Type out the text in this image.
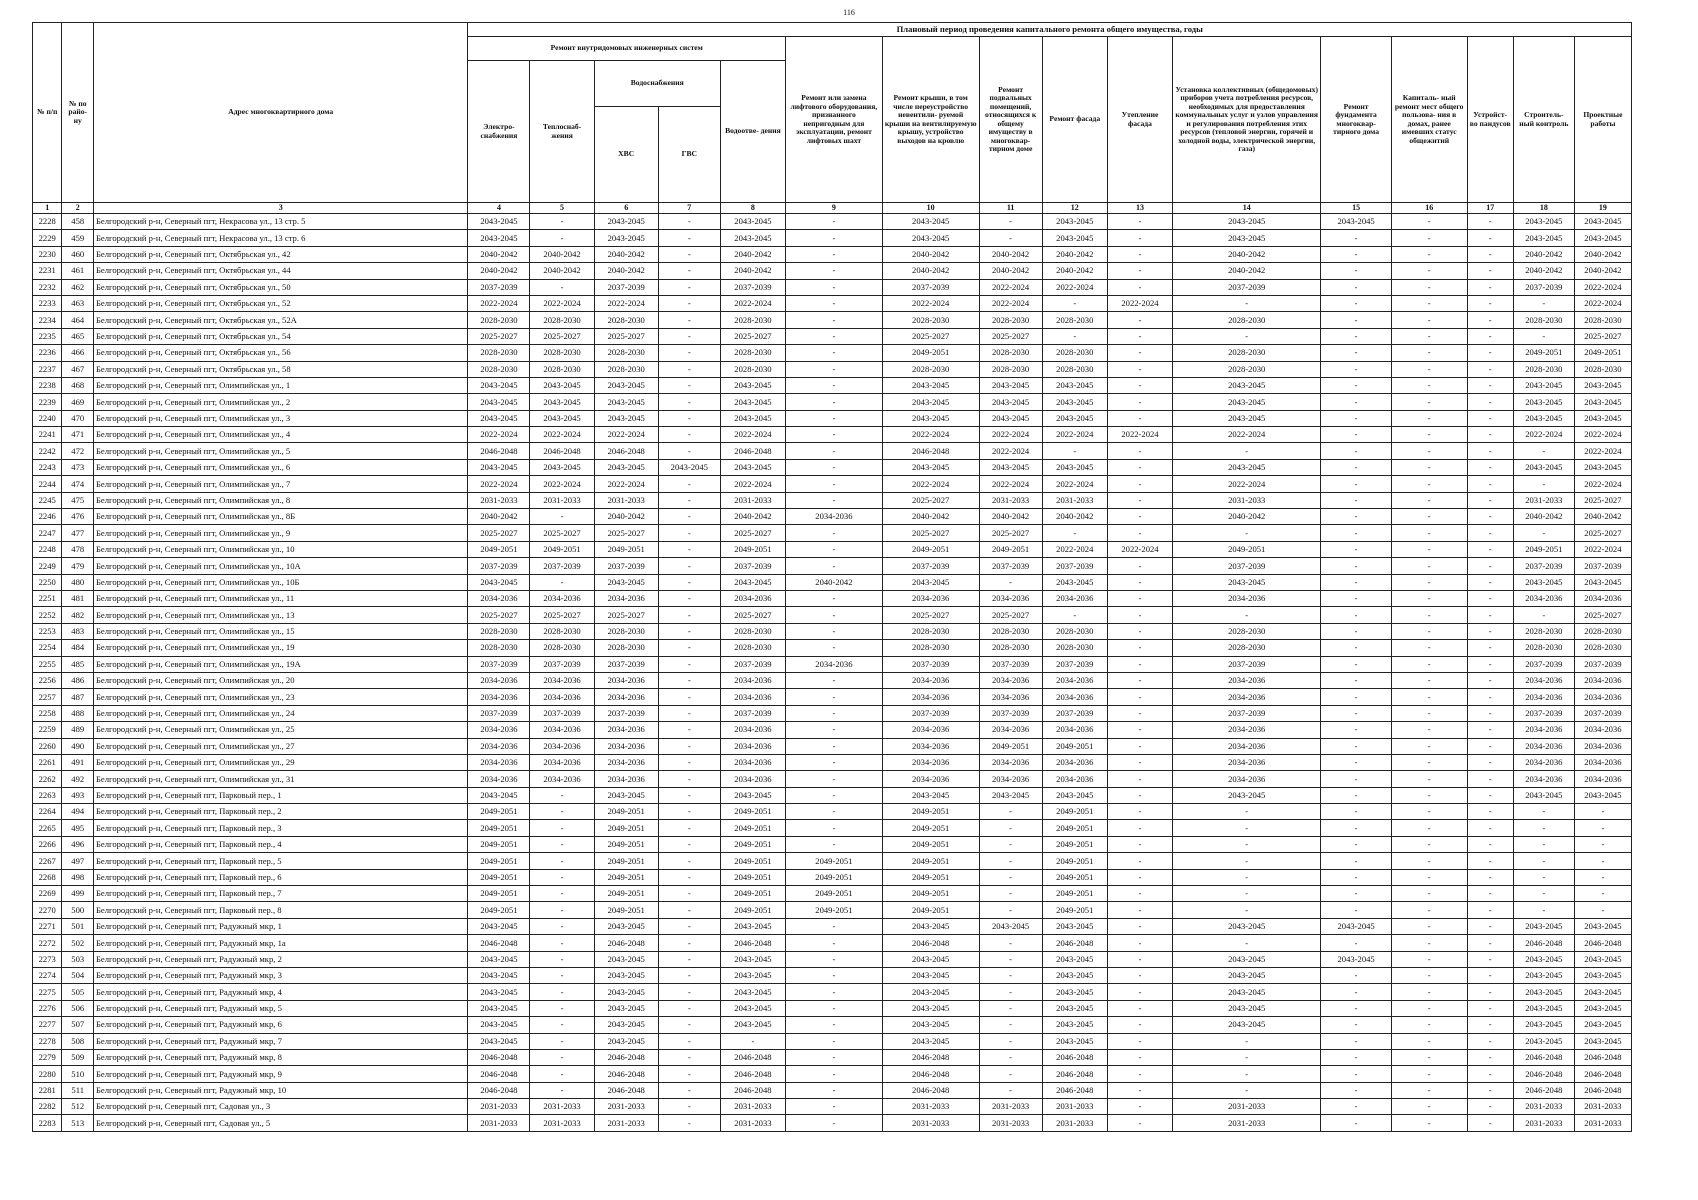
116
№ п/п	№ по райо- ну	Адрес многоквартирного дома	Плановый период проведения капитального ремонта общего имущества, годы															
			Ремонт внутридомовых инженерных систем					Ремонт или замена лифтового оборудования, признанного непригодным для эксплуатации, ремонт лифтовых шахт	Ремонт крыши, в том числе переустройство невентили- руемой крыши на вентилируемую крышу, устройство выходов на кровлю	Ремонт подвальных помещений, относящихся к общему имуществу в многоквар- тирном доме	Ремонт фасада	Утепление фасада	Установка коллективных (общедомовых) приборов учета потребления ресурсов, необходимых для предоставления коммунальных услуг и узлов управления и регулирования потребления этих ресурсов (тепловой энергии, горячей и холодной воды, электрической энергии, газа)	Ремонт фундамента многоквар- тирного дома	Капиталь- ный ремонт мест общего пользова- ния в домах, ранее имевших статус общежитий	Устройст- во пандусов	Строитель- ный контроль	Проектные работы
			Электро- снабжения	Теплоснаб- жения	Водоснабжения		Водоотве- дения											
					ХВС	ГВС												
1	2	3	4	5	6	7	8	9	10	11	12	13	14	15	16	17	18	19
2228	458	Белгородский р-н, Северный пгт, Некрасова ул., 13 стр. 5	2043-2045	-	2043-2045	-	2043-2045	-	2043-2045	-	2043-2045	-	2043-2045	2043-2045	-	-	2043-2045	2043-2045
2229	459	Белгородский р-н, Северный пгт, Некрасова ул., 13 стр. 6	2043-2045	-	2043-2045	-	2043-2045	-	2043-2045	-	2043-2045	-	2043-2045	-	-	-	2043-2045	2043-2045
2230	460	Белгородский р-н, Северный пгт, Октябрьская ул., 42	2040-2042	2040-2042	2040-2042	-	2040-2042	-	2040-2042	2040-2042	2040-2042	-	2040-2042	-	-	-	2040-2042	2040-2042
2231	461	Белгородский р-н, Северный пгт, Октябрьская ул., 44	2040-2042	2040-2042	2040-2042	-	2040-2042	-	2040-2042	2040-2042	2040-2042	-	2040-2042	-	-	-	2040-2042	2040-2042
2232	462	Белгородский р-н, Северный пгт, Октябрьская ул., 50	2037-2039	-	2037-2039	-	2037-2039	-	2037-2039	2022-2024	2022-2024	-	2037-2039	-	-	-	2037-2039	2022-2024
2233	463	Белгородский р-н, Северный пгт, Октябрьская ул., 52	2022-2024	2022-2024	2022-2024	-	2022-2024	-	2022-2024	2022-2024	-	2022-2024	-	-	-	-	-	2022-2024
2234	464	Белгородский р-н, Северный пгт, Октябрьская ул., 52А	2028-2030	2028-2030	2028-2030	-	2028-2030	-	2028-2030	2028-2030	2028-2030	-	2028-2030	-	-	-	2028-2030	2028-2030
2235	465	Белгородский р-н, Северный пгт, Октябрьская ул., 54	2025-2027	2025-2027	2025-2027	-	2025-2027	-	2025-2027	2025-2027	-	-	-	-	-	-	-	2025-2027
2236	466	Белгородский р-н, Северный пгт, Октябрьская ул., 56	2028-2030	2028-2030	2028-2030	-	2028-2030	-	2049-2051	2028-2030	2028-2030	-	2028-2030	-	-	-	2049-2051	2049-2051
2237	467	Белгородский р-н, Северный пгт, Октябрьская ул., 58	2028-2030	2028-2030	2028-2030	-	2028-2030	-	2028-2030	2028-2030	2028-2030	-	2028-2030	-	-	-	2028-2030	2028-2030
2238	468	Белгородский р-н, Северный пгт, Олимпийская ул., 1	2043-2045	2043-2045	2043-2045	-	2043-2045	-	2043-2045	2043-2045	2043-2045	-	2043-2045	-	-	-	2043-2045	2043-2045
2239	469	Белгородский р-н, Северный пгт, Олимпийская ул., 2	2043-2045	2043-2045	2043-2045	-	2043-2045	-	2043-2045	2043-2045	2043-2045	-	2043-2045	-	-	-	2043-2045	2043-2045
2240	470	Белгородский р-н, Северный пгт, Олимпийская ул., 3	2043-2045	2043-2045	2043-2045	-	2043-2045	-	2043-2045	2043-2045	2043-2045	-	2043-2045	-	-	-	2043-2045	2043-2045
2241	471	Белгородский р-н, Северный пгт, Олимпийская ул., 4	2022-2024	2022-2024	2022-2024	-	2022-2024	-	2022-2024	2022-2024	2022-2024	2022-2024	2022-2024	-	-	-	2022-2024	2022-2024
2242	472	Белгородский р-н, Северный пгт, Олимпийская ул., 5	2046-2048	2046-2048	2046-2048	-	2046-2048	-	2046-2048	2022-2024	-	-	-	-	-	-	-	2022-2024
2243	473	Белгородский р-н, Северный пгт, Олимпийская ул., 6	2043-2045	2043-2045	2043-2045	2043-2045	2043-2045	-	2043-2045	2043-2045	2043-2045	-	2043-2045	-	-	-	2043-2045	2043-2045
2244	474	Белгородский р-н, Северный пгт, Олимпийская ул., 7	2022-2024	2022-2024	2022-2024	-	2022-2024	-	2022-2024	2022-2024	2022-2024	-	2022-2024	-	-	-	-	2022-2024
2245	475	Белгородский р-н, Северный пгт, Олимпийская ул., 8	2031-2033	2031-2033	2031-2033	-	2031-2033	-	2025-2027	2031-2033	2031-2033	-	2031-2033	-	-	-	2031-2033	2025-2027
2246	476	Белгородский р-н, Северный пгт, Олимпийская ул., 8Б	2040-2042	-	2040-2042	-	2040-2042	2034-2036	2040-2042	2040-2042	2040-2042	-	2040-2042	-	-	-	2040-2042	2040-2042
2247	477	Белгородский р-н, Северный пгт, Олимпийская ул., 9	2025-2027	2025-2027	2025-2027	-	2025-2027	-	2025-2027	2025-2027	-	-	-	-	-	-	-	2025-2027
2248	478	Белгородский р-н, Северный пгт, Олимпийская ул., 10	2049-2051	2049-2051	2049-2051	-	2049-2051	-	2049-2051	2049-2051	2022-2024	2022-2024	2049-2051	-	-	-	2049-2051	2022-2024
2249	479	Белгородский р-н, Северный пгт, Олимпийская ул., 10А	2037-2039	2037-2039	2037-2039	-	2037-2039	-	2037-2039	2037-2039	2037-2039	-	2037-2039	-	-	-	2037-2039	2037-2039
2250	480	Белгородский р-н, Северный пгт, Олимпийская ул., 10Б	2043-2045	-	2043-2045	-	2043-2045	2040-2042	2043-2045	-	2043-2045	-	2043-2045	-	-	-	2043-2045	2043-2045
2251	481	Белгородский р-н, Северный пгт, Олимпийская ул., 11	2034-2036	2034-2036	2034-2036	-	2034-2036	-	2034-2036	2034-2036	2034-2036	-	2034-2036	-	-	-	2034-2036	2034-2036
2252	482	Белгородский р-н, Северный пгт, Олимпийская ул., 13	2025-2027	2025-2027	2025-2027	-	2025-2027	-	2025-2027	2025-2027	-	-	-	-	-	-	-	2025-2027
2253	483	Белгородский р-н, Северный пгт, Олимпийская ул., 15	2028-2030	2028-2030	2028-2030	-	2028-2030	-	2028-2030	2028-2030	2028-2030	-	2028-2030	-	-	-	2028-2030	2028-2030
2254	484	Белгородский р-н, Северный пгт, Олимпийская ул., 19	2028-2030	2028-2030	2028-2030	-	2028-2030	-	2028-2030	2028-2030	2028-2030	-	2028-2030	-	-	-	2028-2030	2028-2030
2255	485	Белгородский р-н, Северный пгт, Олимпийская ул., 19А	2037-2039	2037-2039	2037-2039	-	2037-2039	2034-2036	2037-2039	2037-2039	2037-2039	-	2037-2039	-	-	-	2037-2039	2037-2039
2256	486	Белгородский р-н, Северный пгт, Олимпийская ул., 20	2034-2036	2034-2036	2034-2036	-	2034-2036	-	2034-2036	2034-2036	2034-2036	-	2034-2036	-	-	-	2034-2036	2034-2036
2257	487	Белгородский р-н, Северный пгт, Олимпийская ул., 23	2034-2036	2034-2036	2034-2036	-	2034-2036	-	2034-2036	2034-2036	2034-2036	-	2034-2036	-	-	-	2034-2036	2034-2036
2258	488	Белгородский р-н, Северный пгт, Олимпийская ул., 24	2037-2039	2037-2039	2037-2039	-	2037-2039	-	2037-2039	2037-2039	2037-2039	-	2037-2039	-	-	-	2037-2039	2037-2039
2259	489	Белгородский р-н, Северный пгт, Олимпийская ул., 25	2034-2036	2034-2036	2034-2036	-	2034-2036	-	2034-2036	2034-2036	2034-2036	-	2034-2036	-	-	-	2034-2036	2034-2036
2260	490	Белгородский р-н, Северный пгт, Олимпийская ул., 27	2034-2036	2034-2036	2034-2036	-	2034-2036	-	2034-2036	2049-2051	2049-2051	-	2034-2036	-	-	-	2034-2036	2034-2036
2261	491	Белгородский р-н, Северный пгт, Олимпийская ул., 29	2034-2036	2034-2036	2034-2036	-	2034-2036	-	2034-2036	2034-2036	2034-2036	-	2034-2036	-	-	-	2034-2036	2034-2036
2262	492	Белгородский р-н, Северный пгт, Олимпийская ул., 31	2034-2036	2034-2036	2034-2036	-	2034-2036	-	2034-2036	2034-2036	2034-2036	-	2034-2036	-	-	-	2034-2036	2034-2036
2263	493	Белгородский р-н, Северный пгт, Парковый пер., 1	2043-2045	-	2043-2045	-	2043-2045	-	2043-2045	2043-2045	2043-2045	-	2043-2045	-	-	-	2043-2045	2043-2045
2264	494	Белгородский р-н, Северный пгт, Парковый пер., 2	2049-2051	-	2049-2051	-	2049-2051	-	2049-2051	-	2049-2051	-	-	-	-	-	-	-
2265	495	Белгородский р-н, Северный пгт, Парковый пер., 3	2049-2051	-	2049-2051	-	2049-2051	-	2049-2051	-	2049-2051	-	-	-	-	-	-	-
2266	496	Белгородский р-н, Северный пгт, Парковый пер., 4	2049-2051	-	2049-2051	-	2049-2051	-	2049-2051	-	2049-2051	-	-	-	-	-	-	-
2267	497	Белгородский р-н, Северный пгт, Парковый пер., 5	2049-2051	-	2049-2051	-	2049-2051	2049-2051	2049-2051	-	2049-2051	-	-	-	-	-	-	-
2268	498	Белгородский р-н, Северный пгт, Парковый пер., 6	2049-2051	-	2049-2051	-	2049-2051	2049-2051	2049-2051	-	2049-2051	-	-	-	-	-	-	-
2269	499	Белгородский р-н, Северный пгт, Парковый пер., 7	2049-2051	-	2049-2051	-	2049-2051	2049-2051	2049-2051	-	2049-2051	-	-	-	-	-	-	-
2270	500	Белгородский р-н, Северный пгт, Парковый пер., 8	2049-2051	-	2049-2051	-	2049-2051	2049-2051	2049-2051	-	2049-2051	-	-	-	-	-	-	-
2271	501	Белгородский р-н, Северный пгт, Радужный мкр, 1	2043-2045	-	2043-2045	-	2043-2045	-	2043-2045	2043-2045	2043-2045	-	2043-2045	2043-2045	-	-	2043-2045	2043-2045
2272	502	Белгородский р-н, Северный пгт, Радужный мкр, 1а	2046-2048	-	2046-2048	-	2046-2048	-	2046-2048	-	2046-2048	-	-	-	-	-	2046-2048	2046-2048
2273	503	Белгородский р-н, Северный пгт, Радужный мкр, 2	2043-2045	-	2043-2045	-	2043-2045	-	2043-2045	-	2043-2045	-	2043-2045	2043-2045	-	-	2043-2045	2043-2045
2274	504	Белгородский р-н, Северный пгт, Радужный мкр, 3	2043-2045	-	2043-2045	-	2043-2045	-	2043-2045	-	2043-2045	-	2043-2045	-	-	-	2043-2045	2043-2045
2275	505	Белгородский р-н, Северный пгт, Радужный мкр, 4	2043-2045	-	2043-2045	-	2043-2045	-	2043-2045	-	2043-2045	-	2043-2045	-	-	-	2043-2045	2043-2045
2276	506	Белгородский р-н, Северный пгт, Радужный мкр, 5	2043-2045	-	2043-2045	-	2043-2045	-	2043-2045	-	2043-2045	-	2043-2045	-	-	-	2043-2045	2043-2045
2277	507	Белгородский р-н, Северный пгт, Радужный мкр, 6	2043-2045	-	2043-2045	-	2043-2045	-	2043-2045	-	2043-2045	-	2043-2045	-	-	-	2043-2045	2043-2045
2278	508	Белгородский р-н, Северный пгт, Радужный мкр, 7	2043-2045	-	2043-2045	-	-	-	2043-2045	-	2043-2045	-	-	-	-	-	2043-2045	2043-2045
2279	509	Белгородский р-н, Северный пгт, Радужный мкр, 8	2046-2048	-	2046-2048	-	2046-2048	-	2046-2048	-	2046-2048	-	-	-	-	-	2046-2048	2046-2048
2280	510	Белгородский р-н, Северный пгт, Радужный мкр, 9	2046-2048	-	2046-2048	-	2046-2048	-	2046-2048	-	2046-2048	-	-	-	-	-	2046-2048	2046-2048
2281	511	Белгородский р-н, Северный пгт, Радужный мкр, 10	2046-2048	-	2046-2048	-	2046-2048	-	2046-2048	-	2046-2048	-	-	-	-	-	2046-2048	2046-2048
2282	512	Белгородский р-н, Северный пгт, Садовая ул., 3	2031-2033	2031-2033	2031-2033	-	2031-2033	-	2031-2033	2031-2033	2031-2033	-	2031-2033	-	-	-	2031-2033	2031-2033
2283	513	Белгородский р-н, Северный пгт, Садовая ул., 5	2031-2033	2031-2033	2031-2033	-	2031-2033	-	2031-2033	2031-2033	2031-2033	-	2031-2033	-	-	-	2031-2033	2031-2033
